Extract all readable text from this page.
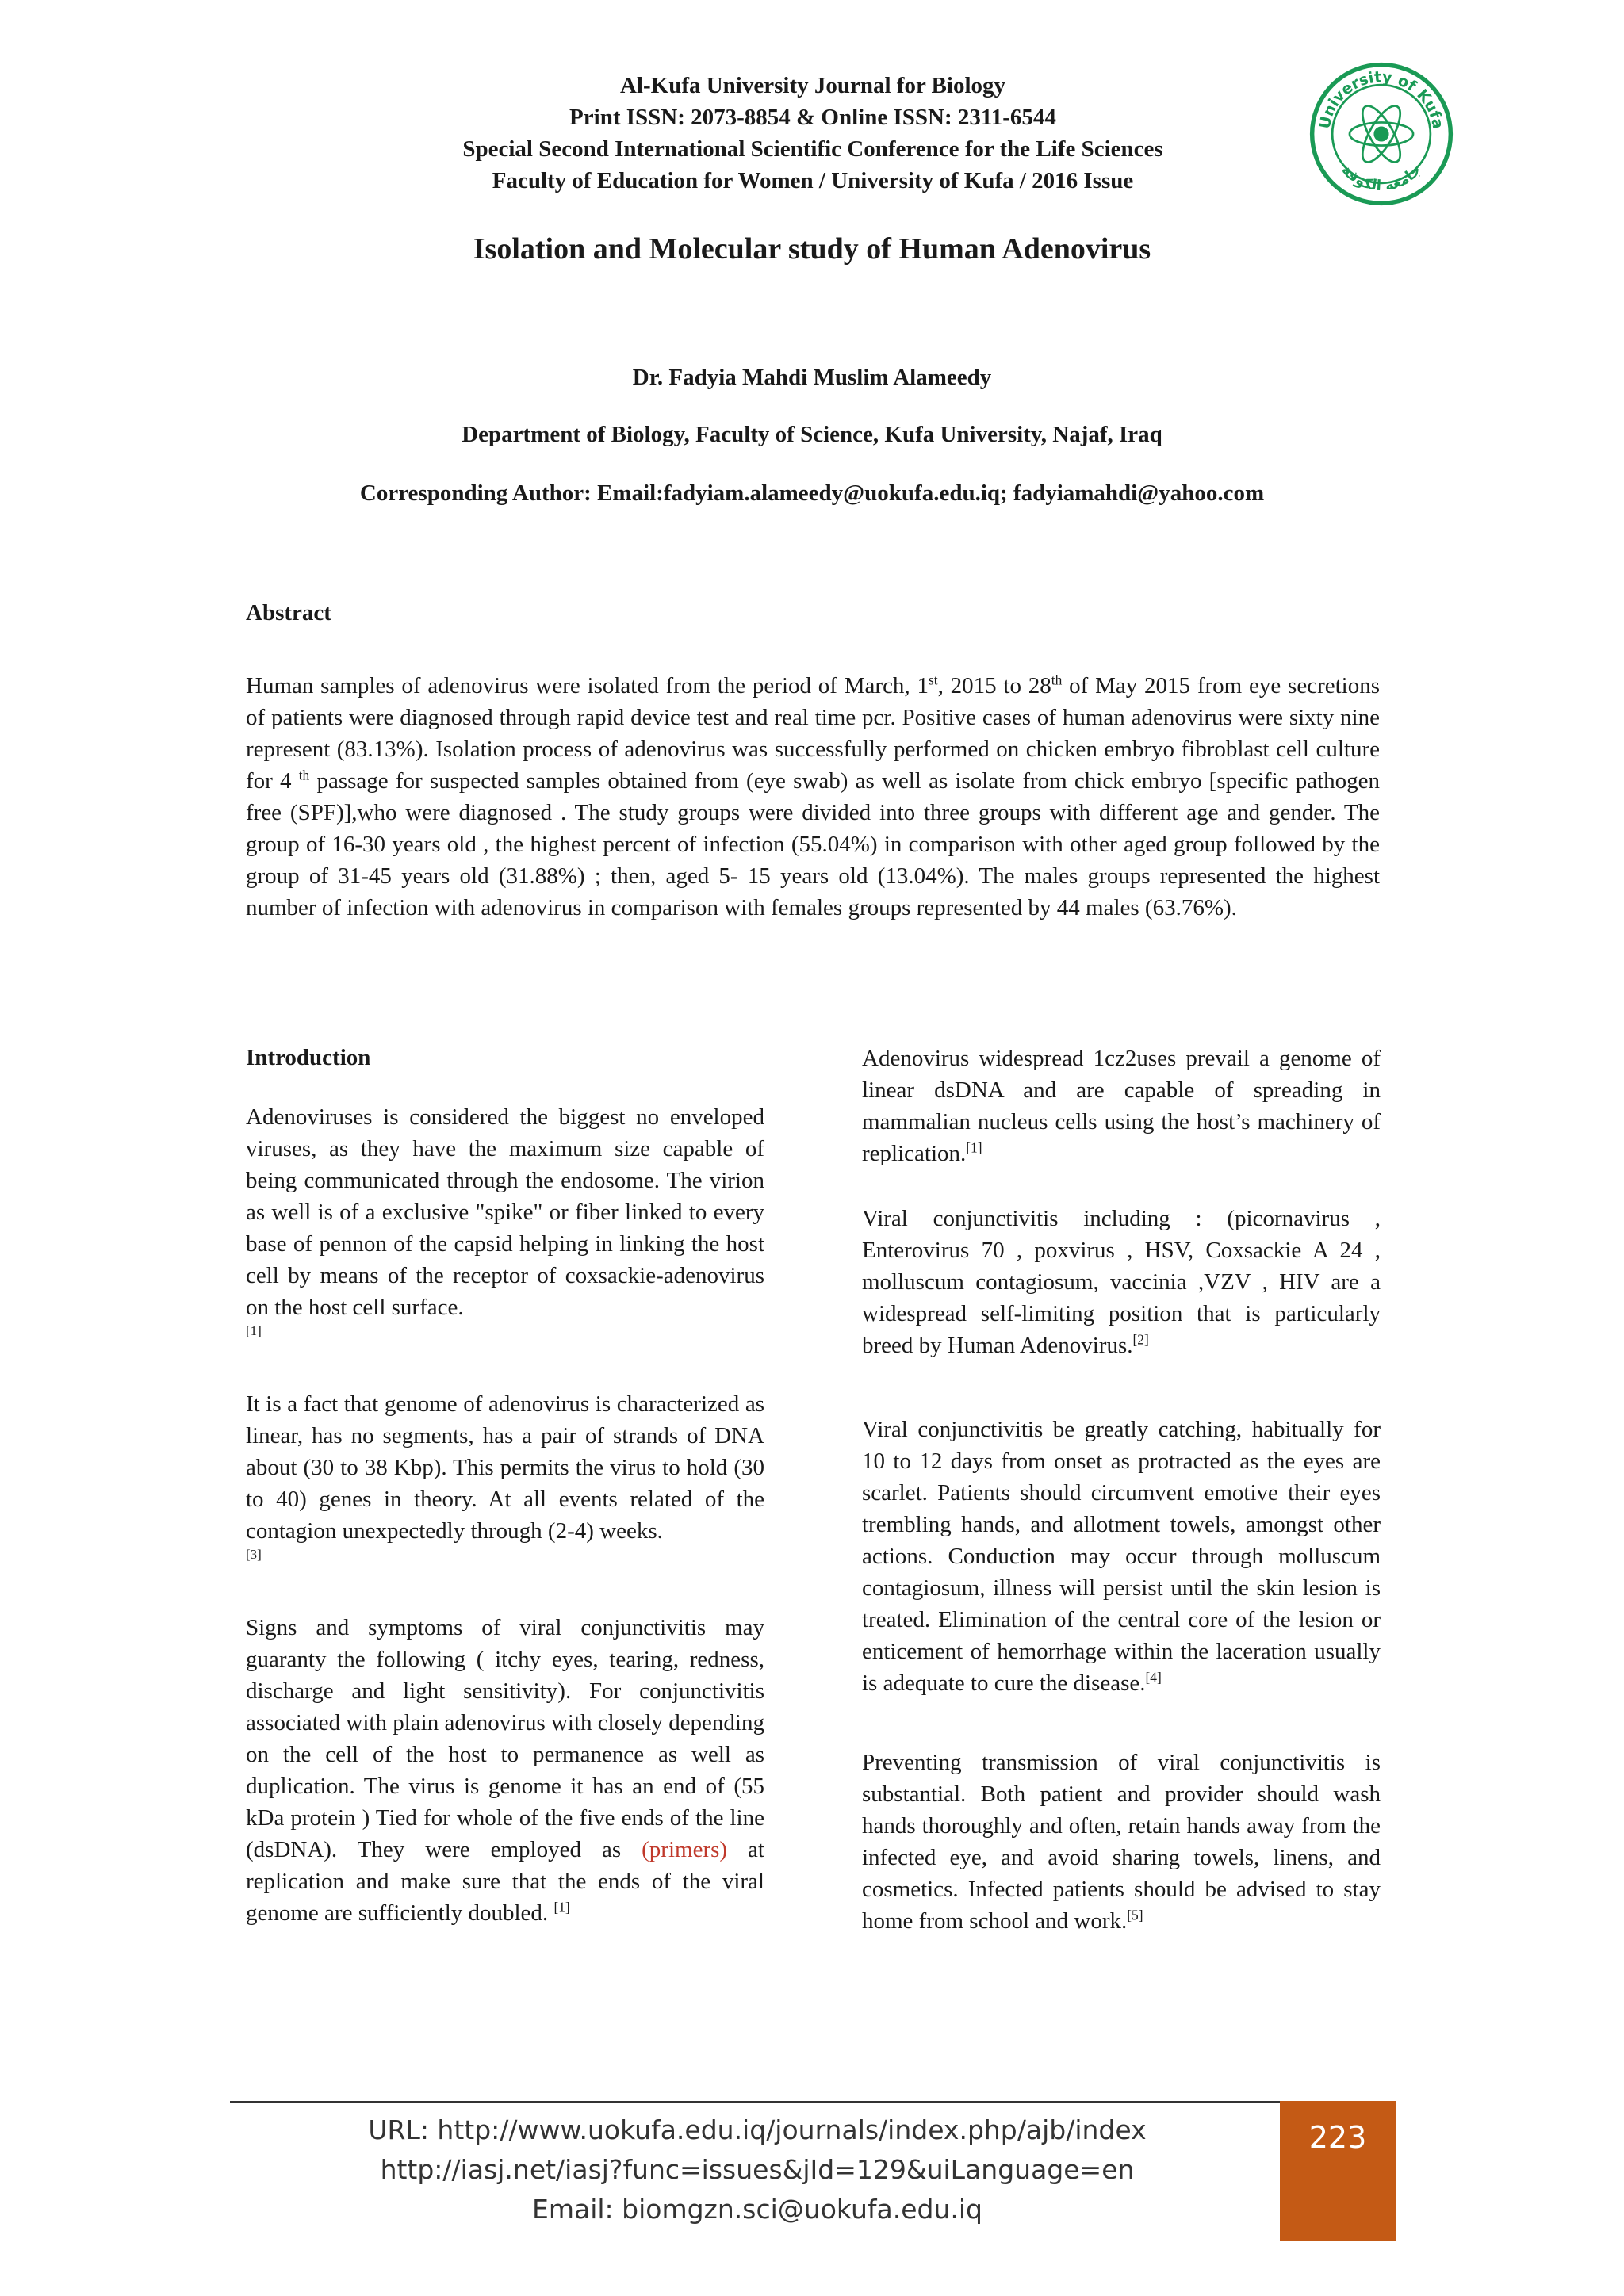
Al-Kufa University Journal for Biology
Print ISSN: 2073-8854 & Online ISSN: 2311-6544
Special Second International Scientific Conference for the Life Sciences
Faculty of Education for Women / University of Kufa / 2016 Issue
University of Kufa
جامعة الكوفة
Isolation and Molecular study of Human Adenovirus
Dr. Fadyia Mahdi Muslim Alameedy
Department of Biology, Faculty of Science, Kufa University, Najaf, Iraq
Corresponding Author: Email:fadyiam.alameedy@uokufa.edu.iq; fadyiamahdi@yahoo.com
Abstract
Human samples of adenovirus were isolated from the period of March, 1st, 2015 to 28th of May 2015 from eye secretions of patients were diagnosed through rapid device test and real time pcr. Positive cases of human adenovirus were sixty nine represent (83.13%). Isolation process of adenovirus was successfully performed on chicken embryo fibroblast cell culture for 4 $^{th}$ passage for suspected samples obtained from (eye swab) as well as isolate from chick embryo [specific pathogen free (SPF)],who were diagnosed . The study groups were divided into three groups with different age and gender. The group of 16-30 years old , the highest percent of infection (55.04%) in comparison with other aged group followed by the group of 31-45 years old (31.88%) ; then, aged 5- 15 years old (13.04%). The males groups represented the highest number of infection with adenovirus in comparison with females groups represented by 44 males (63.76%).
Introduction

Adenoviruses is considered the biggest no enveloped viruses, as they have the maximum size capable of being communicated through the endosome. The virion as well is of a exclusive "spike" or fiber linked to every base of pennon of the capsid helping in linking the host cell by means of the receptor of coxsackie-adenovirus on the host cell surface.
[1]

It is a fact that genome of adenovirus is characterized as linear, has no segments, has a pair of strands of DNA about (30 to 38 Kbp). This permits the virus to hold (30 to 40) genes in theory. At all events related of the contagion unexpectedly through (2-4) weeks.
[3]

Signs and symptoms of viral conjunctivitis may guaranty the following ( itchy eyes, tearing, redness, discharge and light sensitivity). For conjunctivitis associated with plain adenovirus with closely depending on the cell of the host to permanence as well as duplication. The virus is genome it has an end of (55 kDa protein ) Tied for whole of the five ends of the line (dsDNA). They were employed as (primers) at replication and make sure that the ends of the viral genome are sufficiently doubled. [1]

Adenovirus widespread 1cz2uses prevail a genome of linear dsDNA and are capable of spreading in mammalian nucleus cells using the host’s machinery of replication.[1]

Viral conjunctivitis including : (picornavirus , Enterovirus 70 , poxvirus , HSV, Coxsackie A 24 , molluscum contagiosum, vaccinia ,VZV , HIV are a widespread self-limiting position that is particularly breed by Human Adenovirus.[2]

Viral conjunctivitis be greatly catching, habitually for 10 to 12 days from onset as protracted as the eyes are scarlet. Patients should circumvent emotive their eyes trembling hands, and allotment towels, amongst other actions. Conduction may occur through molluscum contagiosum, illness will persist until the skin lesion is treated. Elimination of the central core of the lesion or enticement of hemorrhage within the laceration usually is adequate to cure the disease.[4]

Preventing transmission of viral conjunctivitis is substantial. Both patient and provider should wash hands thoroughly and often, retain hands away from the infected eye, and avoid sharing towels, linens, and cosmetics. Infected patients should be advised to stay home from school and work.[5]

URL: http://www.uokufa.edu.iq/journals/index.php/ajb/index
http://iasj.net/iasj?func=issues&jId=129&uiLanguage=en
Email: biomgzn.sci@uokufa.edu.iq
223
